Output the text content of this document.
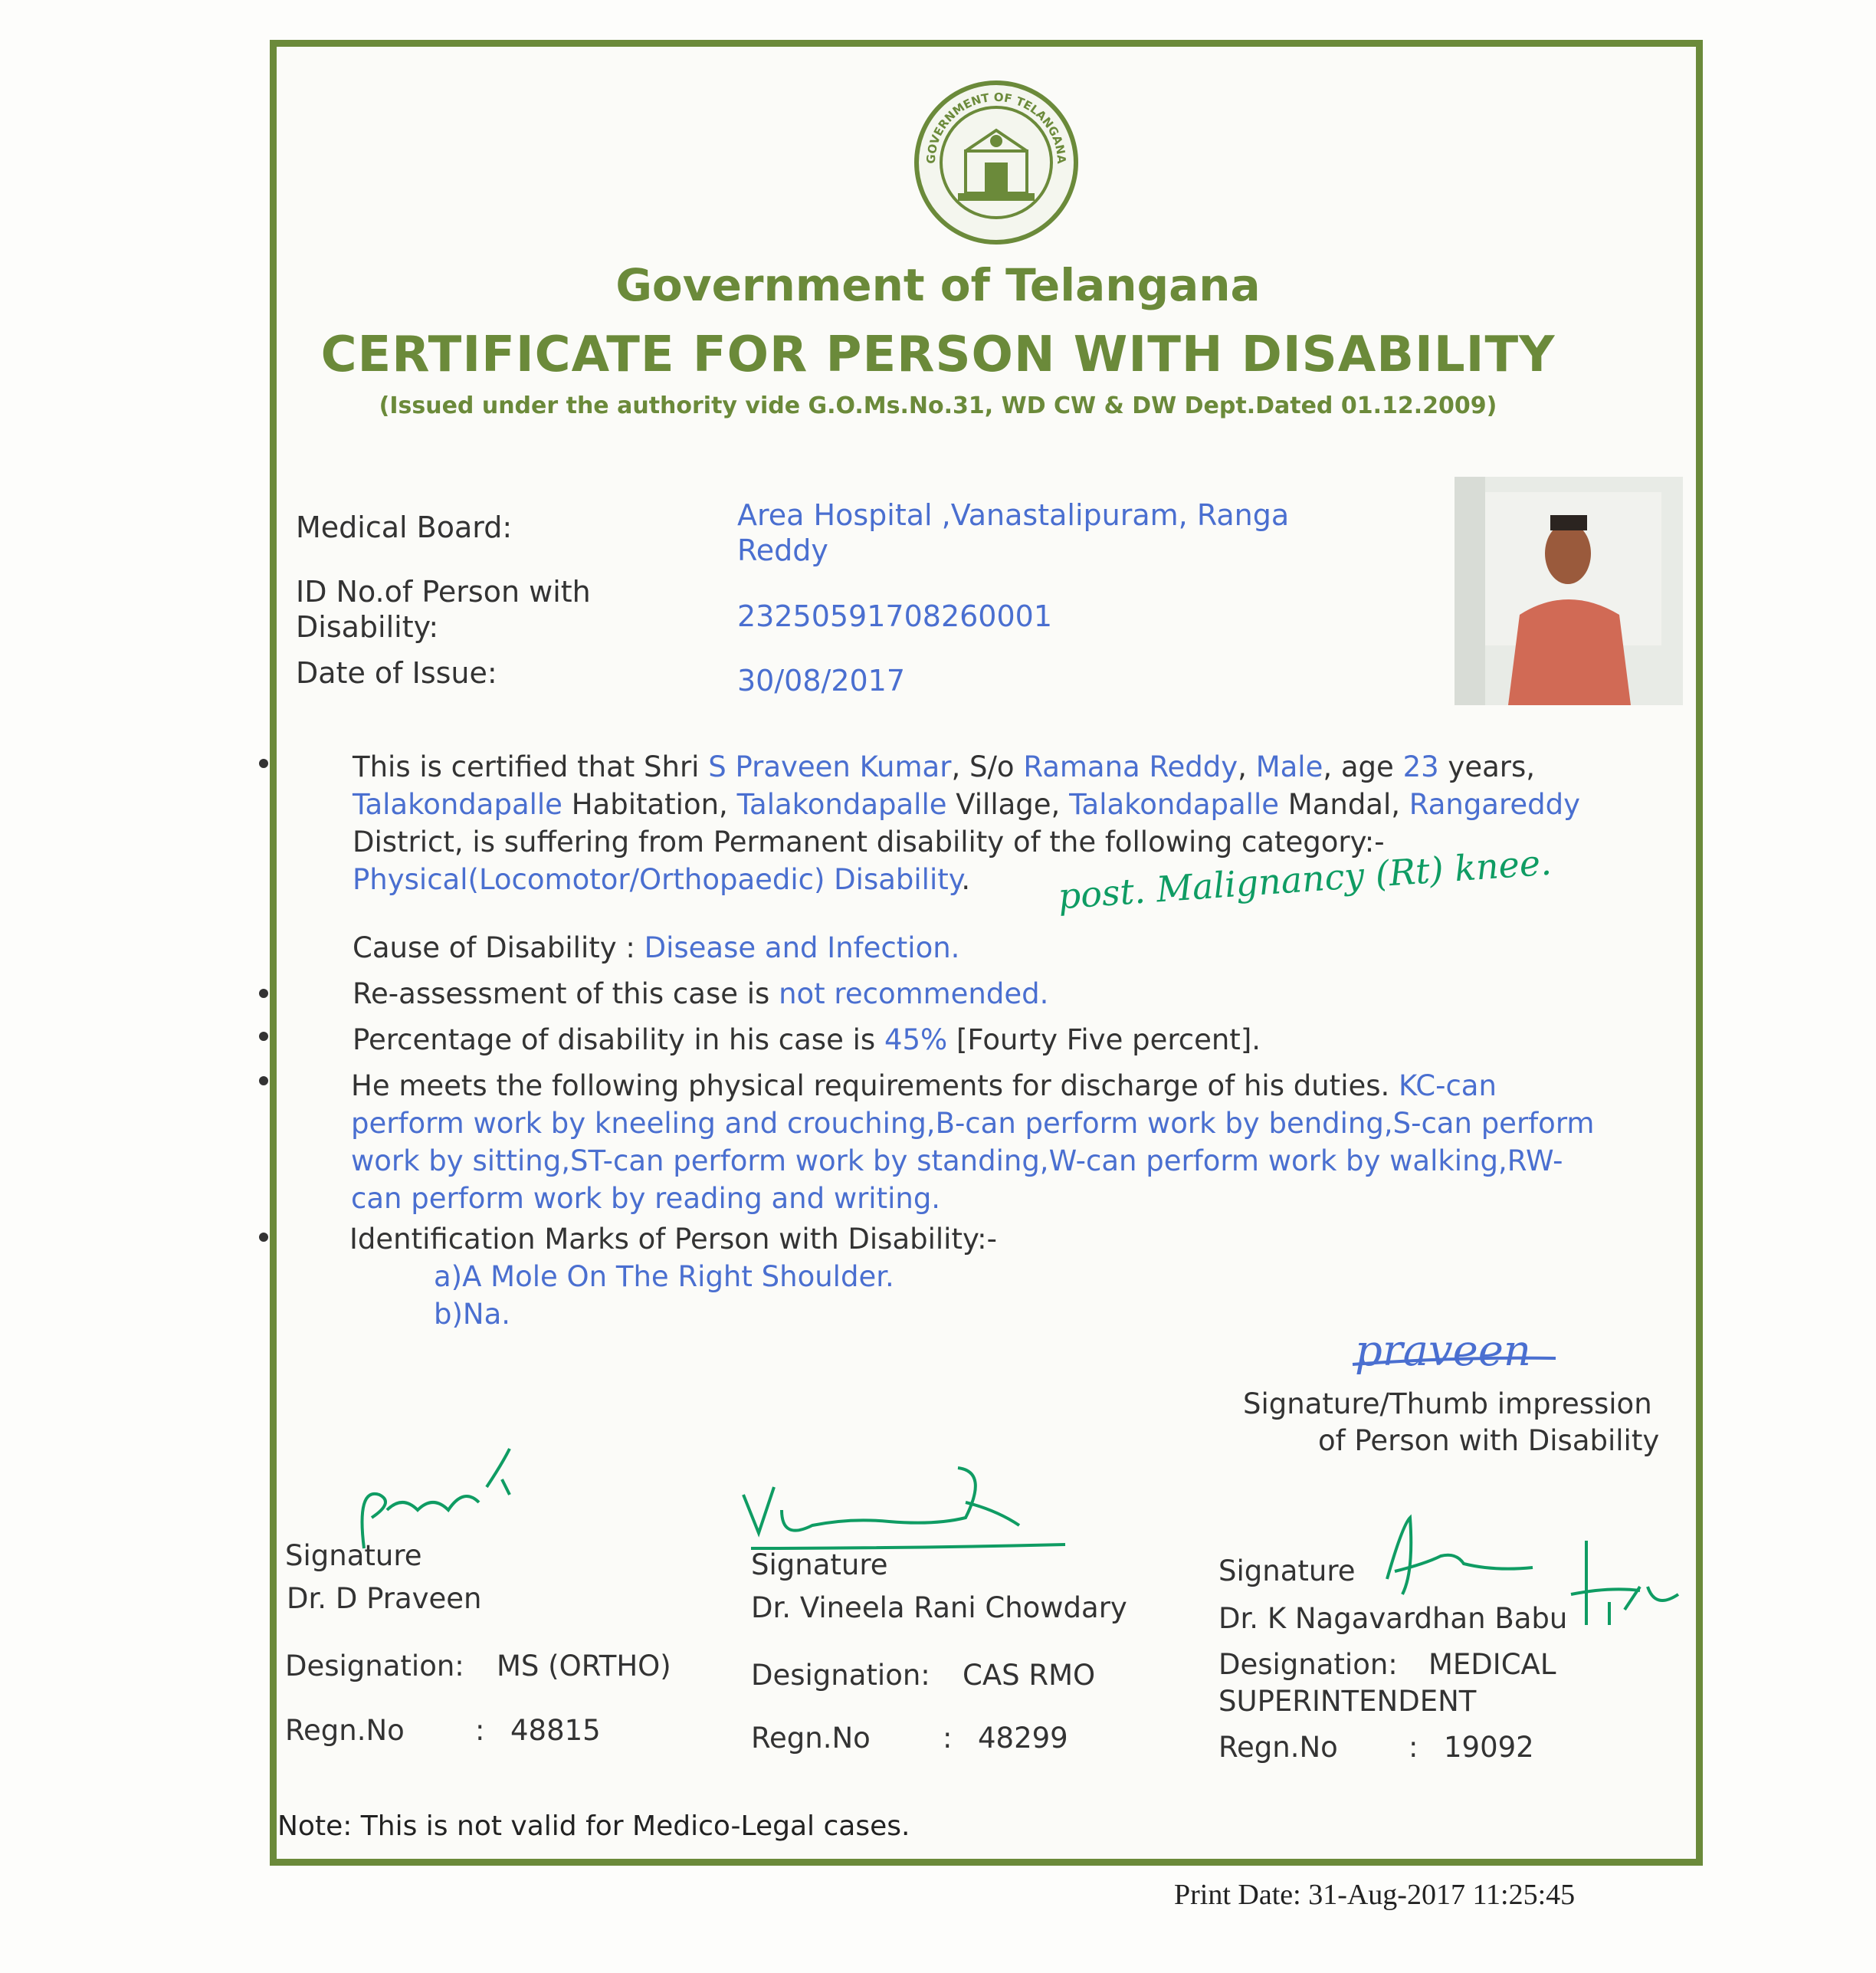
GOVERNMENT OF TELANGANA
Government of Telangana
CERTIFICATE FOR PERSON WITH DISABILITY
(Issued under the authority vide G.O.Ms.No.31, WD CW & DW Dept.Dated 01.12.2009)
Medical Board:	Area Hospital ,Vanastalipuram, Ranga
Reddy
ID No.of Person with
Disability:	23250591708260001
Date of Issue:	30/08/2017
This is certified that Shri S Praveen Kumar, S/o Ramana Reddy, Male, age 23 years,
Talakondapalle Habitation, Talakondapalle Village, Talakondapalle Mandal, Rangareddy
District, is suffering from Permanent disability of the following category:-
Physical(Locomotor/Orthopaedic) Disability.	post. Malignancy (Rt) knee.
Cause of Disability : Disease and Infection.
Re-assessment of this case is not recommended.
Percentage of disability in his case is 45% [Fourty Five percent].
He meets the following physical requirements for discharge of his duties. KC-can
perform work by kneeling and crouching,B-can perform work by bending,S-can perform
work by sitting,ST-can perform work by standing,W-can perform work by walking,RW-
can perform work by reading and writing.
Identification Marks of Person with Disability:-
a)A Mole On The Right Shoulder.
b)Na.
praveen
Signature/Thumb impression
of Person with Disability
Signature
Dr. D Praveen
Designation: MS (ORTHO)
Regn.No : 48815
Signature
Dr. Vineela Rani Chowdary
Designation: CAS RMO
Regn.No	: 48299
Signature
Dr. K Nagavardhan Babu
Designation: MEDICAL
SUPERINTENDENT
Regn.No : 19092
Note: This is not valid for Medico-Legal cases.
Print Date: 31-Aug-2017 11:25:45
